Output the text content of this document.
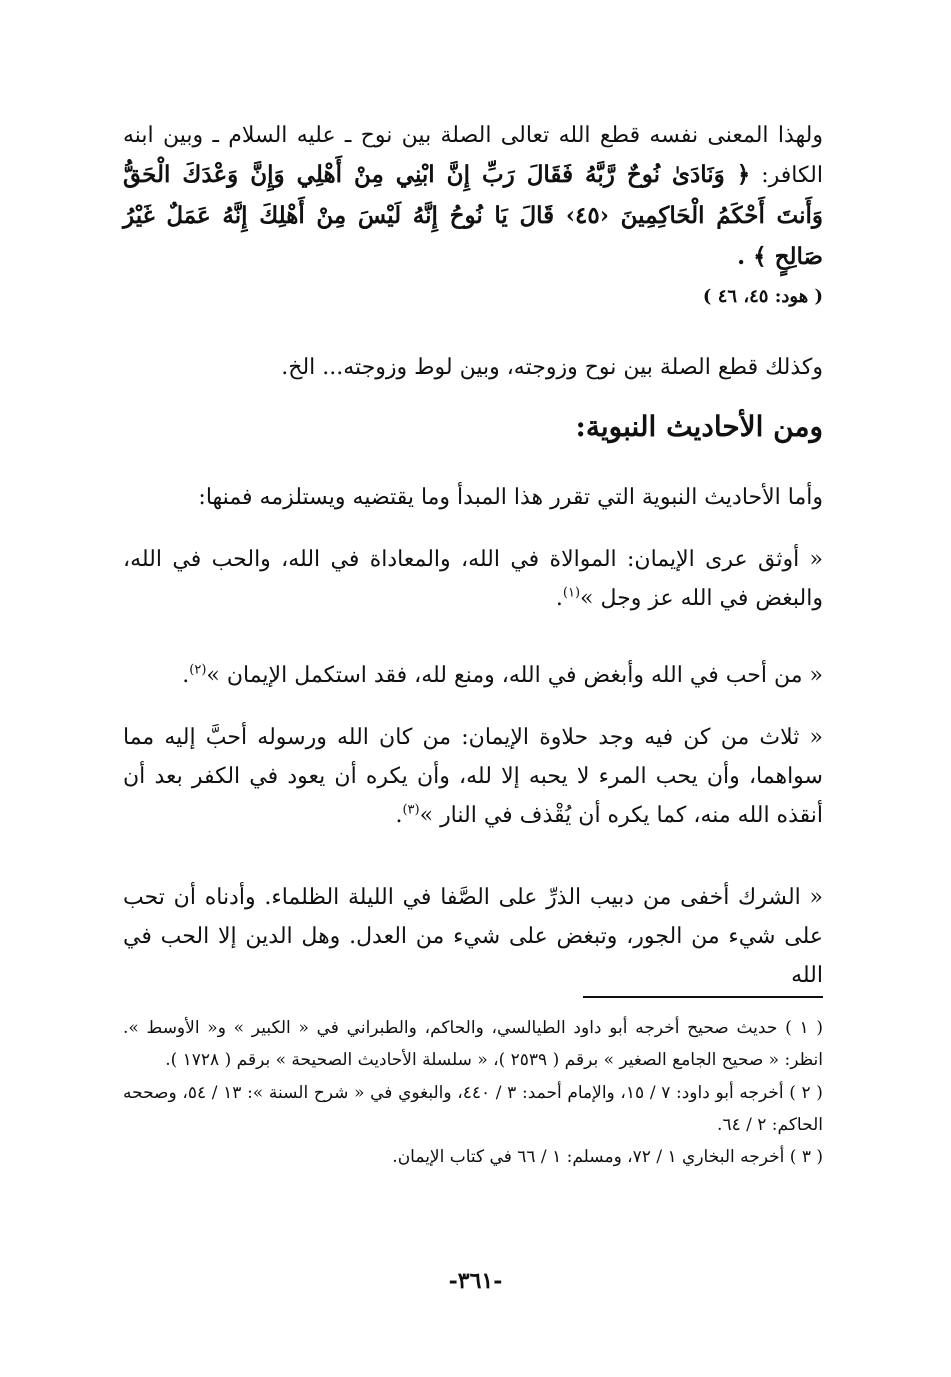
ولهذا المعنى نفسه قطع الله تعالى الصلة بين نوح ـ عليه السلام ـ وبين ابنه الكافر: ﴿ وَنَادَىٰ نُوحٌ رَّبَّهُ فَقَالَ رَبِّ إِنَّ ابْنِي مِنْ أَهْلِي وَإِنَّ وَعْدَكَ الْحَقُّ وَأَنتَ أَحْكَمُ الْحَاكِمِينَ ‹٤٥› قَالَ يَا نُوحُ إِنَّهُ لَيْسَ مِنْ أَهْلِكَ إِنَّهُ عَمَلٌ غَيْرُ صَالِحٍ ﴾ .
( هود: ٤٥، ٤٦ )
وكذلك قطع الصلة بين نوح وزوجته، وبين لوط وزوجته... الخ.
ومن الأحاديث النبوية:
وأما الأحاديث النبوية التي تقرر هذا المبدأ وما يقتضيه ويستلزمه فمنها:
« أوثق عرى الإيمان: الموالاة في الله، والمعاداة في الله، والحب في الله، والبغض في الله عز وجل »$^{(١)}$.
« من أحب في الله وأبغض في الله، ومنع لله، فقد استكمل الإيمان »$^{(٢)}$.
« ثلاث من كن فيه وجد حلاوة الإيمان: من كان الله ورسوله أحبَّ إليه مما سواهما، وأن يحب المرء لا يحبه إلا لله، وأن يكره أن يعود في الكفر بعد أن أنقذه الله منه، كما يكره أن يُقْذف في النار »$^{(٣)}$.
« الشرك أخفى من دبيب الذرِّ على الصَّفا في الليلة الظلماء. وأدناه أن تحب على شيء من الجور، وتبغض على شيء من العدل. وهل الدين إلا الحب في الله

( ١ ) حديث صحيح أخرجه أبو داود الطيالسي، والحاكم، والطبراني في « الكبير » و« الأوسط ». انظر: « صحيح الجامع الصغير » برقم ( ٢٥٣٩ )، « سلسلة الأحاديث الصحيحة » برقم ( ١٧٢٨ ).

( ٢ ) أخرجه أبو داود: ٧ / ١٥، والإمام أحمد: ٣ / ٤٤٠، والبغوي في « شرح السنة »: ١٣ / ٥٤، وصححه الحاكم: ٢ / ٦٤.

( ٣ ) أخرجه البخاري ١ / ٧٢، ومسلم: ١ / ٦٦ في كتاب الإيمان.

-٣٦١-
